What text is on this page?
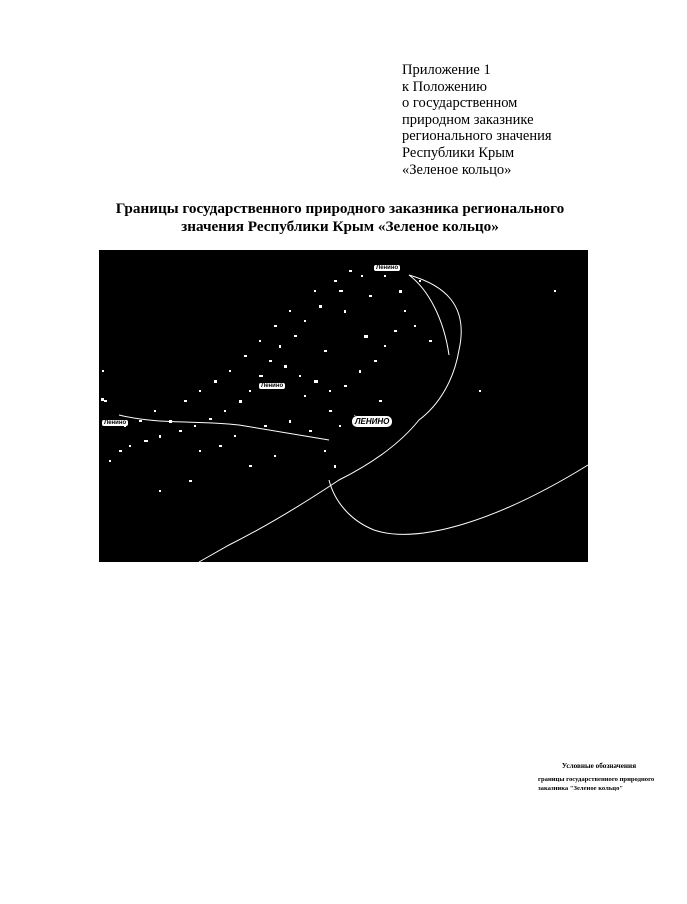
Приложение 1
к Положению
о государственном
природном заказнике
регионального значения
Республики Крым
«Зеленое кольцо»
Границы государственного природного заказника регионального
значения Республики Крым «Зеленое кольцо»
Ленино
Ленино
Ленино	ЛЕНИНО
Условные обозначения
границы государственного природного
заказника "Зеленое кольцо"
